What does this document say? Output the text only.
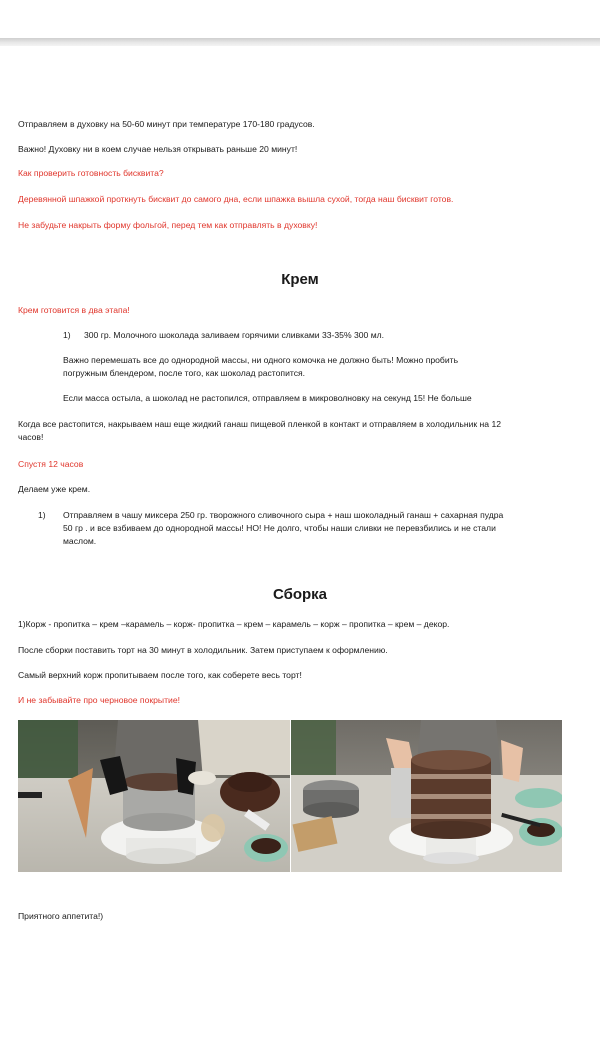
Отправляем в духовку на 50-60 минут при температуре 170-180 градусов.

Важно! Духовку ни в коем случае нельзя открывать раньше 20 минут!

Как проверить готовность бисквита?

Деревянной шпажкой проткнуть бисквит до самого дна, если шпажка вышла сухой, тогда наш бисквит готов.

Не забудьте накрыть форму фольгой, перед тем как отправлять в духовку!

Крем

Крем готовится в два этапа!

1) 300 гр. Молочного шоколада заливаем горячими сливками 33-35% 300 мл.

Важно перемешать все до однородной массы, ни одного комочка не должно быть! Можно пробить

погружным блендером, после того, как шоколад растопится.

Если масса остыла, а шоколад не растопился, отправляем в микроволновку на секунд 15! Не больше

Когда все растопится, накрываем наш еще жидкий ганаш пищевой пленкой в контакт и отправляем в холодильник на 12

часов!

Спустя 12 часов

Делаем уже крем.

1) Отправляем в чашу миксера 250 гр. творожного сливочного сыра + наш шоколадный ганаш + сахарная пудра

50 гр . и все взбиваем до однородной массы! НО! Не долго, чтобы наши сливки не перевзбились и не стали

маслом.

Сборка

1)Корж - пропитка – крем –карамель – корж- пропитка – крем – карамель – корж – пропитка – крем – декор.

После сборки поставить торт на 30 минут в холодильник. Затем приступаем к оформлению.

Самый верхний корж пропитываем после того, как соберете весь торт!

И не забывайте про черновое покрытие!

Приятного аппетита!)
